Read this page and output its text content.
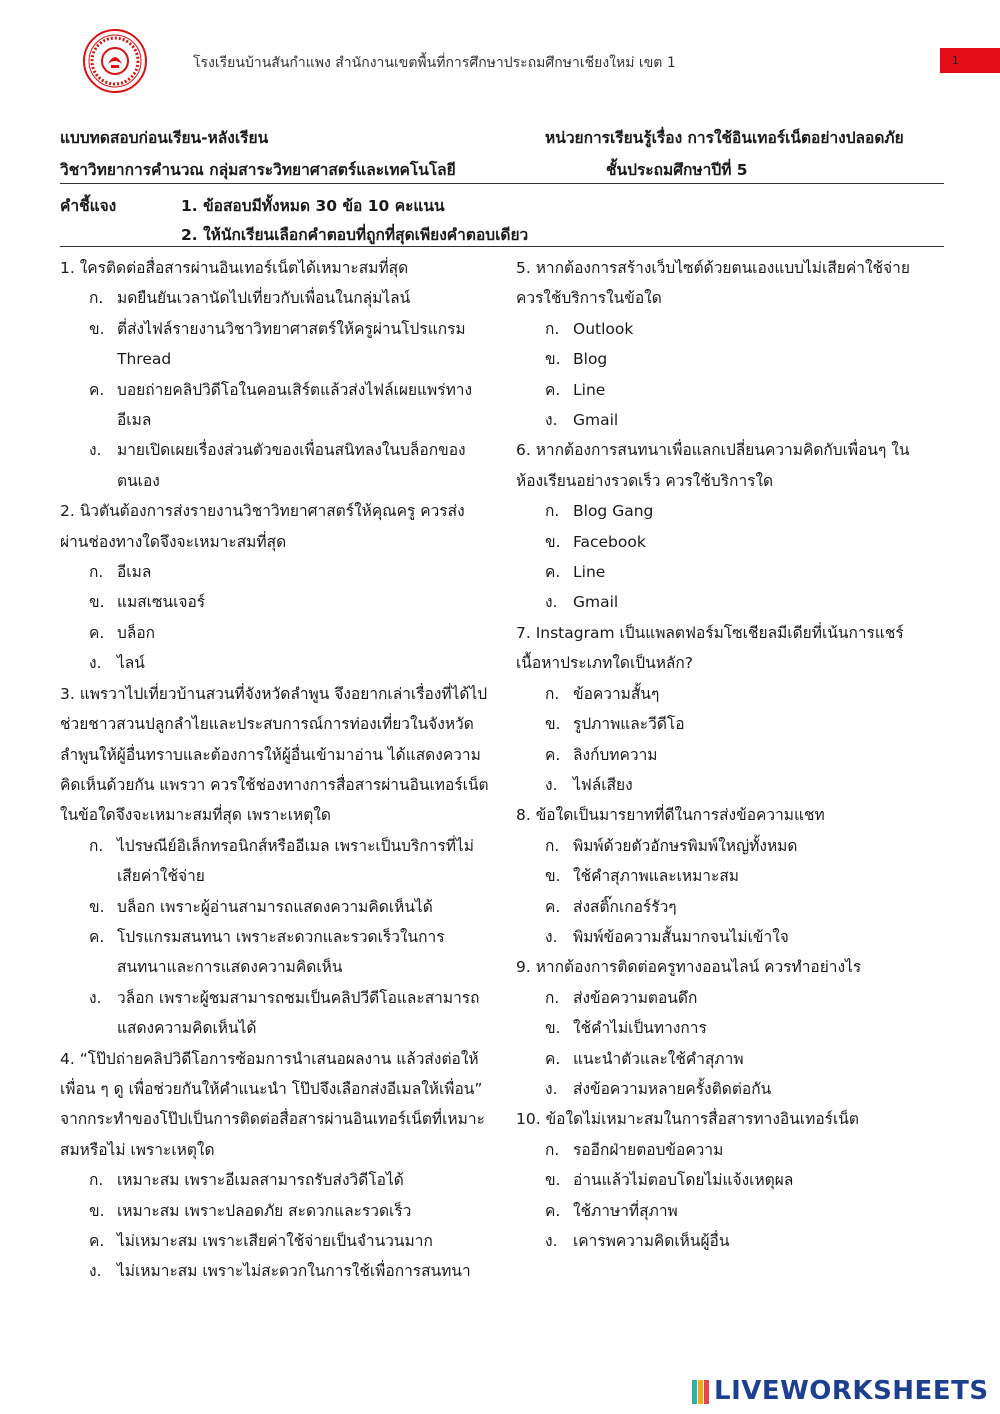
โรงเรียนบ้านสันกำแพง สำนักงานเขตพื้นที่การศึกษาประถมศึกษาเชียงใหม่ เขต 1	1
แบบทดสอบก่อนเรียน-หลังเรียน
วิชาวิทยาการคำนวณ กลุ่มสาระวิทยาศาสตร์และเทคโนโลยี
หน่วยการเรียนรู้เรื่อง การใช้อินเทอร์เน็ตอย่างปลอดภัย
ชั้นประถมศึกษาปีที่ 5
คำชี้แจง	1. ข้อสอบมีทั้งหมด 30 ข้อ 10 คะแนน
2. ให้นักเรียนเลือกคำตอบที่ถูกที่สุดเพียงคำตอบเดียว
1. ใครติดต่อสื่อสารผ่านอินเทอร์เน็ตได้เหมาะสมที่สุด
ก. มดยืนยันเวลานัดไปเที่ยวกับเพื่อนในกลุ่มไลน์
ข. ตี่ส่งไฟล์รายงานวิชาวิทยาศาสตร์ให้ครูผ่านโปรแกรม Thread
ค. บอยถ่ายคลิปวิดีโอในคอนเสิร์ตแล้วส่งไฟล์เผยแพร่ทางอีเมล
ง. มายเปิดเผยเรื่องส่วนตัวของเพื่อนสนิทลงในบล็อกของตนเอง
2. นิวตันต้องการส่งรายงานวิชาวิทยาศาสตร์ให้คุณครู ควรส่งผ่านช่องทางใดจึงจะเหมาะสมที่สุด
ก. อีเมล
ข. แมสเซนเจอร์
ค. บล็อก
ง. ไลน์
3. แพรวาไปเที่ยวบ้านสวนที่จังหวัดลำพูน จึงอยากเล่าเรื่องที่ได้ไปช่วยชาวสวนปลูกลำไยและประสบการณ์การท่องเที่ยวในจังหวัดลำพูนให้ผู้อื่นทราบและต้องการให้ผู้อื่นเข้ามาอ่าน ได้แสดงความคิดเห็นด้วยกัน แพรวา ควรใช้ช่องทางการสื่อสารผ่านอินเทอร์เน็ตในข้อใดจึงจะเหมาะสมที่สุด เพราะเหตุใด
ก. ไปรษณีย์อิเล็กทรอนิกส์หรืออีเมล เพราะเป็นบริการที่ไม่เสียค่าใช้จ่าย
ข. บล็อก เพราะผู้อ่านสามารถแสดงความคิดเห็นได้
ค. โปรแกรมสนทนา เพราะสะดวกและรวดเร็วในการสนทนาและการแสดงความคิดเห็น
ง. วล็อก เพราะผู้ชมสามารถชมเป็นคลิปวีดีโอและสามารถแสดงความคิดเห็นได้
4. “โป๊ปถ่ายคลิปวิดีโอการซ้อมการนำเสนอผลงาน แล้วส่งต่อให้เพื่อน ๆ ดู เพื่อช่วยกันให้คำแนะนำ โป๊ปจึงเลือกส่งอีเมลให้เพื่อน” จากกระทำของโป๊ปเป็นการติดต่อสื่อสารผ่านอินเทอร์เน็ตที่เหมาะสมหรือไม่ เพราะเหตุใด
ก. เหมาะสม เพราะอีเมลสามารถรับส่งวิดีโอได้
ข. เหมาะสม เพราะปลอดภัย สะดวกและรวดเร็ว
ค. ไม่เหมาะสม เพราะเสียค่าใช้จ่ายเป็นจำนวนมาก
ง. ไม่เหมาะสม เพราะไม่สะดวกในการใช้เพื่อการสนทนา
5. หากต้องการสร้างเว็บไซต์ด้วยตนเองแบบไม่เสียค่าใช้จ่าย ควรใช้บริการในข้อใด
ก. Outlook
ข. Blog
ค. Line
ง. Gmail
6. หากต้องการสนทนาเพื่อแลกเปลี่ยนความคิดกับเพื่อนๆ ในห้องเรียนอย่างรวดเร็ว ควรใช้บริการใด
ก. Blog Gang
ข. Facebook
ค. Line
ง. Gmail
7. Instagram เป็นแพลตฟอร์มโซเชียลมีเดียที่เน้นการแชร์เนื้อหาประเภทใดเป็นหลัก?
ก. ข้อความสั้นๆ
ข. รูปภาพและวีดีโอ
ค. ลิงก์บทความ
ง. ไฟล์เสียง
8. ข้อใดเป็นมารยาทที่ดีในการส่งข้อความแชท
ก. พิมพ์ด้วยตัวอักษรพิมพ์ใหญ่ทั้งหมด
ข. ใช้คำสุภาพและเหมาะสม
ค. ส่งสติ๊กเกอร์รัวๆ
ง. พิมพ์ข้อความสั้นมากจนไม่เข้าใจ
9. หากต้องการติดต่อครูทางออนไลน์ ควรทำอย่างไร
ก. ส่งข้อความตอนดึก
ข. ใช้คำไม่เป็นทางการ
ค. แนะนำตัวและใช้คำสุภาพ
ง. ส่งข้อความหลายครั้งติดต่อกัน
10. ข้อใดไม่เหมาะสมในการสื่อสารทางอินเทอร์เน็ต
ก. รออีกฝ่ายตอบข้อความ
ข. อ่านแล้วไม่ตอบโดยไม่แจ้งเหตุผล
ค. ใช้ภาษาที่สุภาพ
ง. เคารพความคิดเห็นผู้อื่น
LIVEWORKSHEETS
